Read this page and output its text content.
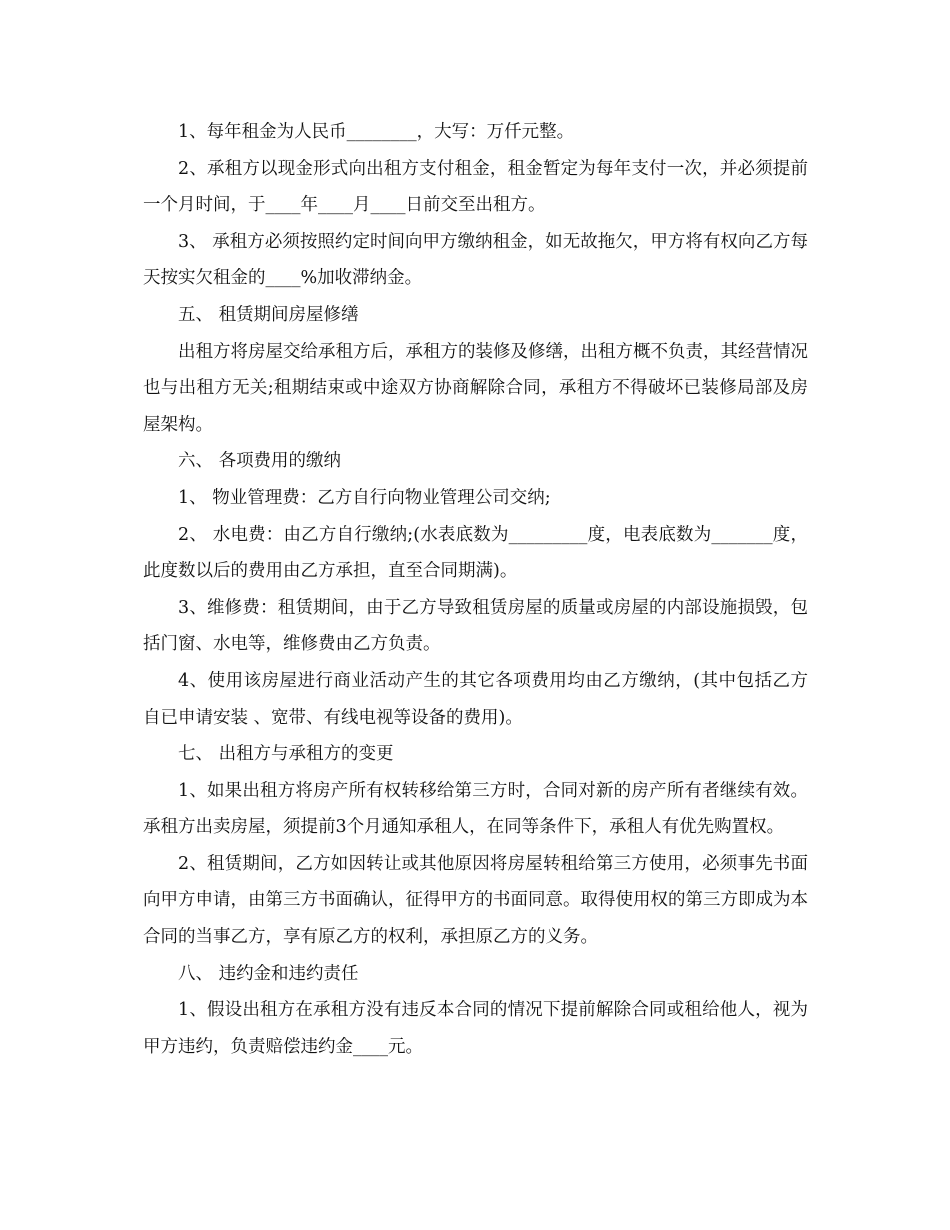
1、每年租金为人民币________，大写：万仟元整。

2、承租方以现金形式向出租方支付租金，租金暂定为每年支付一次，并必须提前一个月时间，于____年____月____日前交至出租方。

3、 承租方必须按照约定时间向甲方缴纳租金，如无故拖欠，甲方将有权向乙方每天按实欠租金的____%加收滞纳金。

五、 租赁期间房屋修缮

出租方将房屋交给承租方后，承租方的装修及修缮，出租方概不负责，其经营情况也与出租方无关;租期结束或中途双方协商解除合同，承租方不得破坏已装修局部及房屋架构。

六、 各项费用的缴纳

1、 物业管理费：乙方自行向物业管理公司交纳;

2、 水电费：由乙方自行缴纳;(水表底数为_________度，电表底数为_______度，此度数以后的费用由乙方承担，直至合同期满)。

3、维修费：租赁期间，由于乙方导致租赁房屋的质量或房屋的内部设施损毁，包括门窗、水电等，维修费由乙方负责。

4、使用该房屋进行商业活动产生的其它各项费用均由乙方缴纳，(其中包括乙方自已申请安装 、宽带、有线电视等设备的费用)。

七、 出租方与承租方的变更

1、如果出租方将房产所有权转移给第三方时，合同对新的房产所有者继续有效。承租方出卖房屋，须提前3个月通知承租人，在同等条件下，承租人有优先购置权。

2、租赁期间，乙方如因转让或其他原因将房屋转租给第三方使用，必须事先书面向甲方申请，由第三方书面确认，征得甲方的书面同意。取得使用权的第三方即成为本合同的当事乙方，享有原乙方的权利，承担原乙方的义务。

八、 违约金和违约责任

1、假设出租方在承租方没有违反本合同的情况下提前解除合同或租给他人，视为甲方违约，负责赔偿违约金____元。
